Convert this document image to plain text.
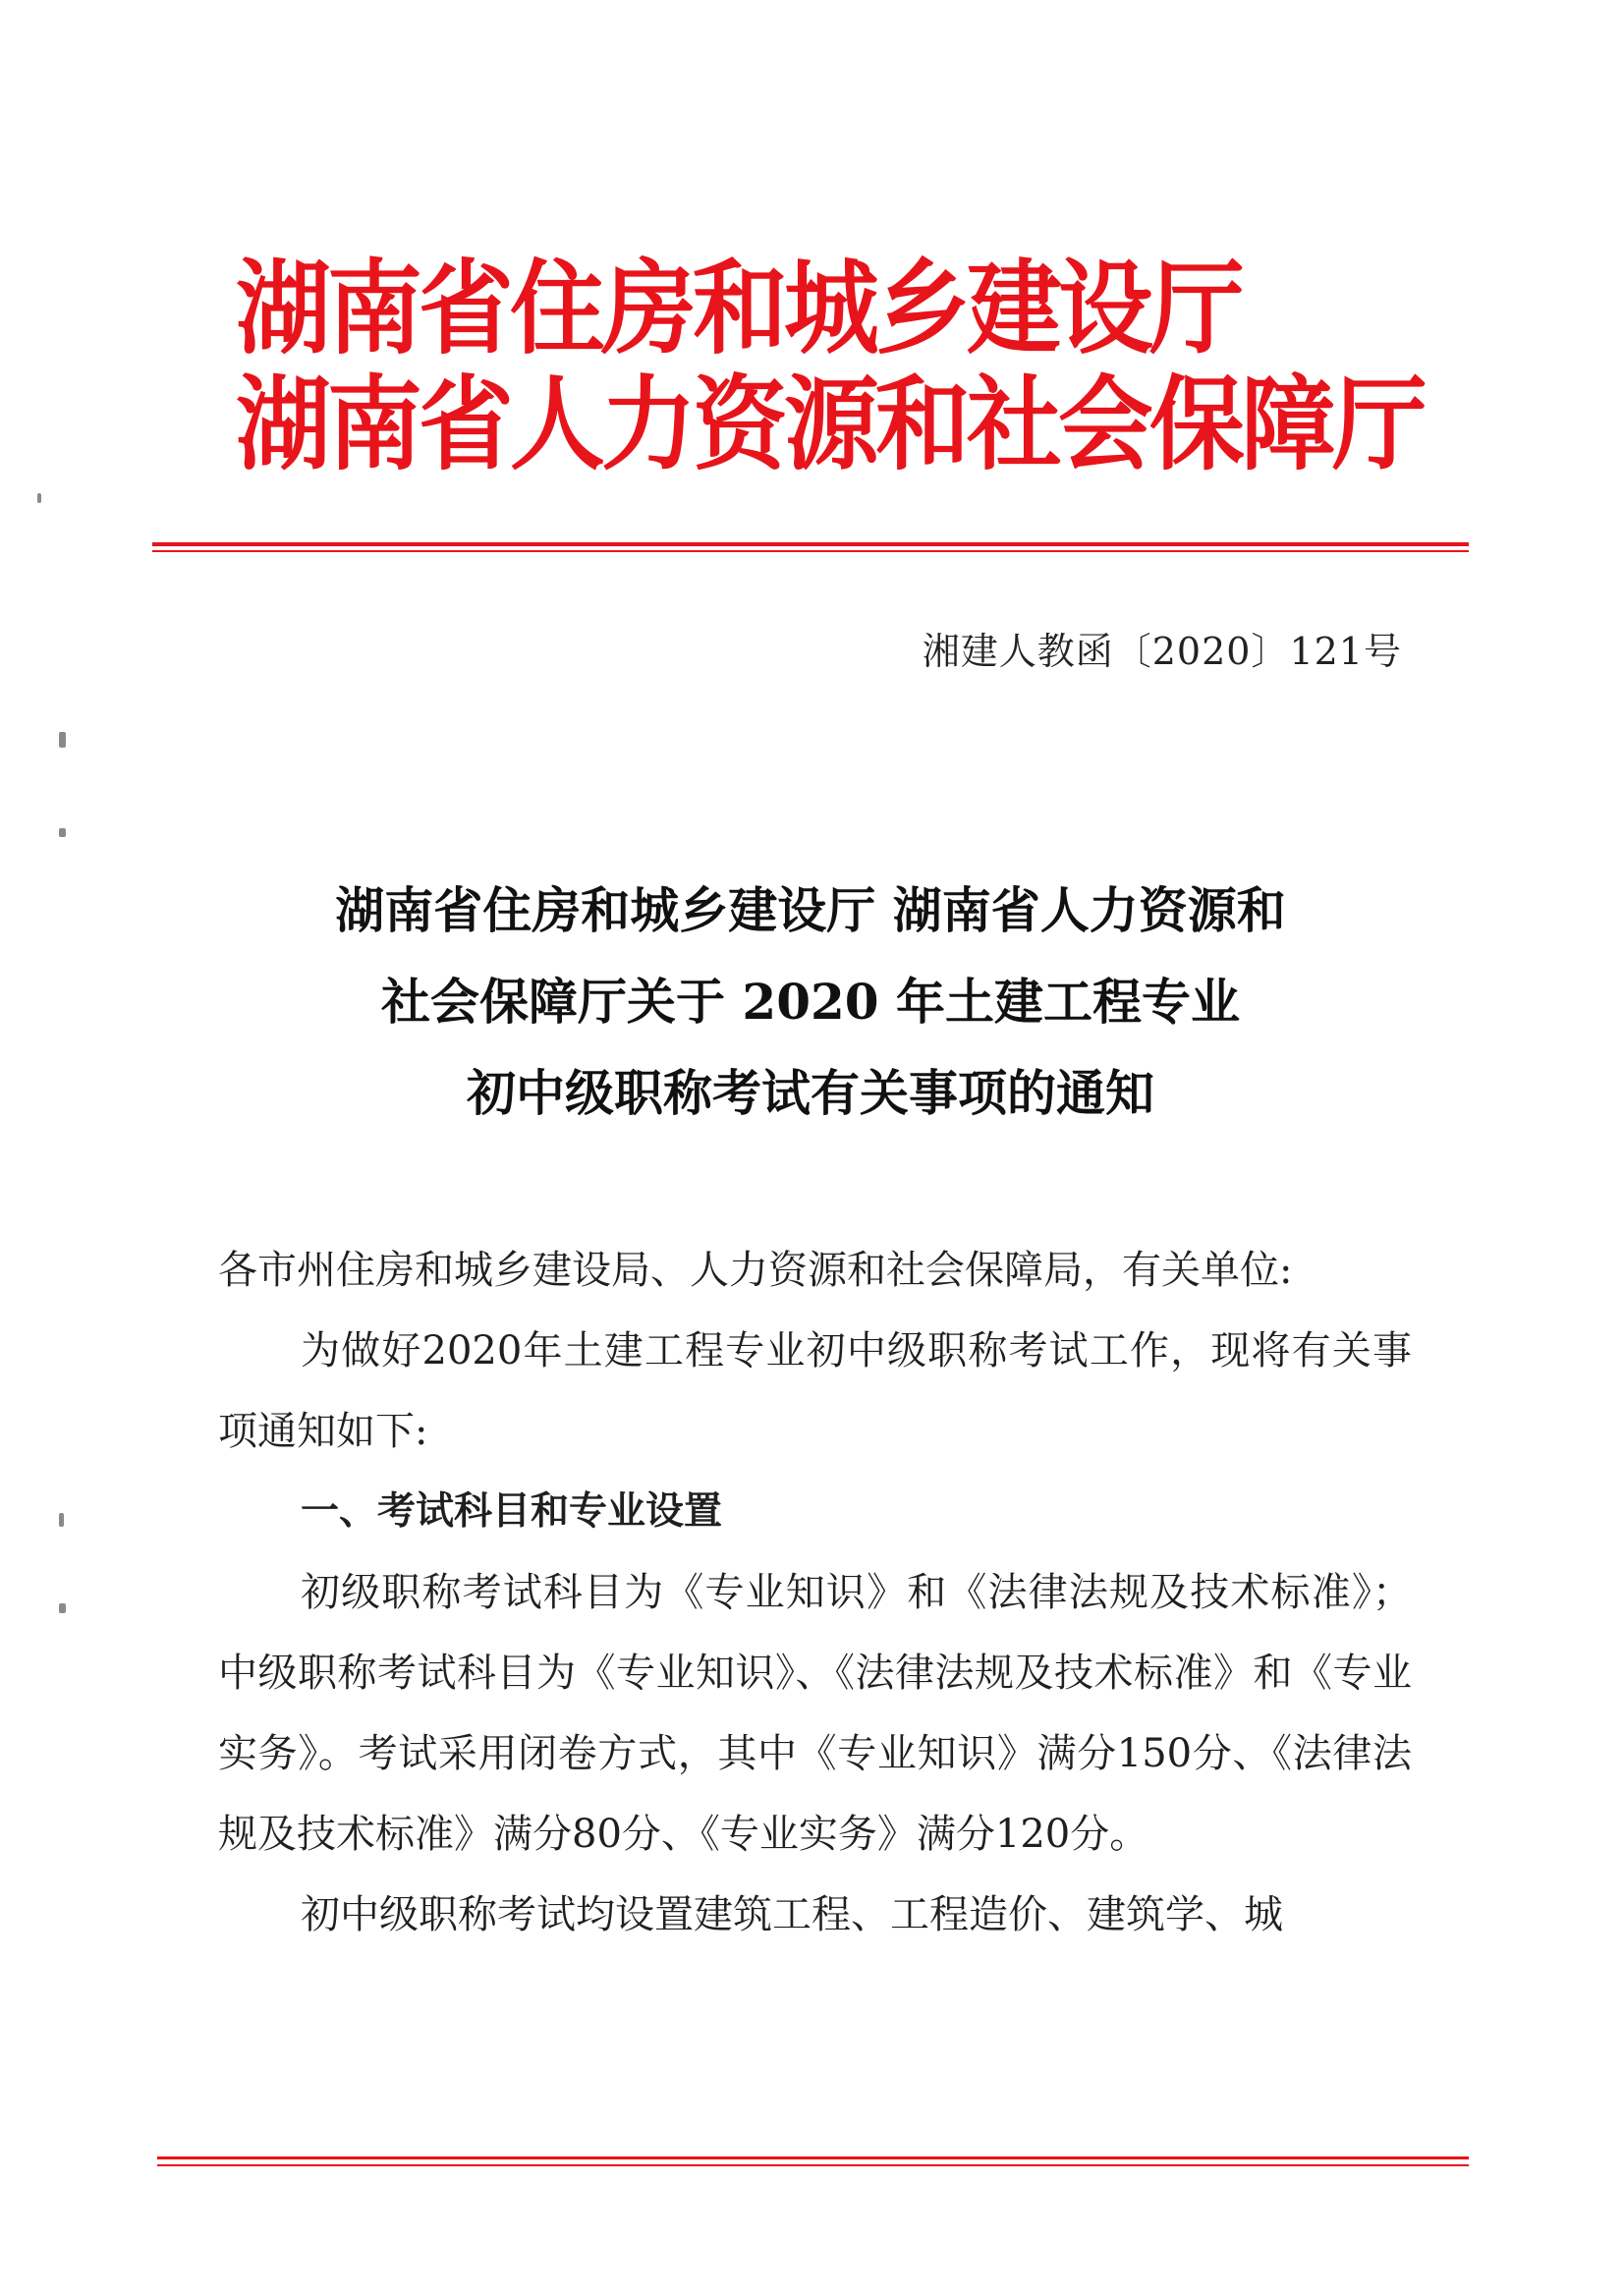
湖南省住房和城乡建设厅
湖南省人力资源和社会保障厅
湘建人教函〔2020〕121号
湖南省住房和城乡建设厅 湖南省人力资源和
社会保障厅关于 2020 年土建工程专业
初中级职称考试有关事项的通知

各市州住房和城乡建设局、人力资源和社会保障局，有关单位:

为做好2020年土建工程专业初中级职称考试工作，现将有关事项通知如下:

一、考试科目和专业设置

初级职称考试科目为《专业知识》和《法律法规及技术标准》；中级职称考试科目为《专业知识》、《法律法规及技术标准》和《专业实务》。考试采用闭卷方式，其中《专业知识》满分150分、《法律法规及技术标准》满分80分、《专业实务》满分120分。

初中级职称考试均设置建筑工程、工程造价、建筑学、城
